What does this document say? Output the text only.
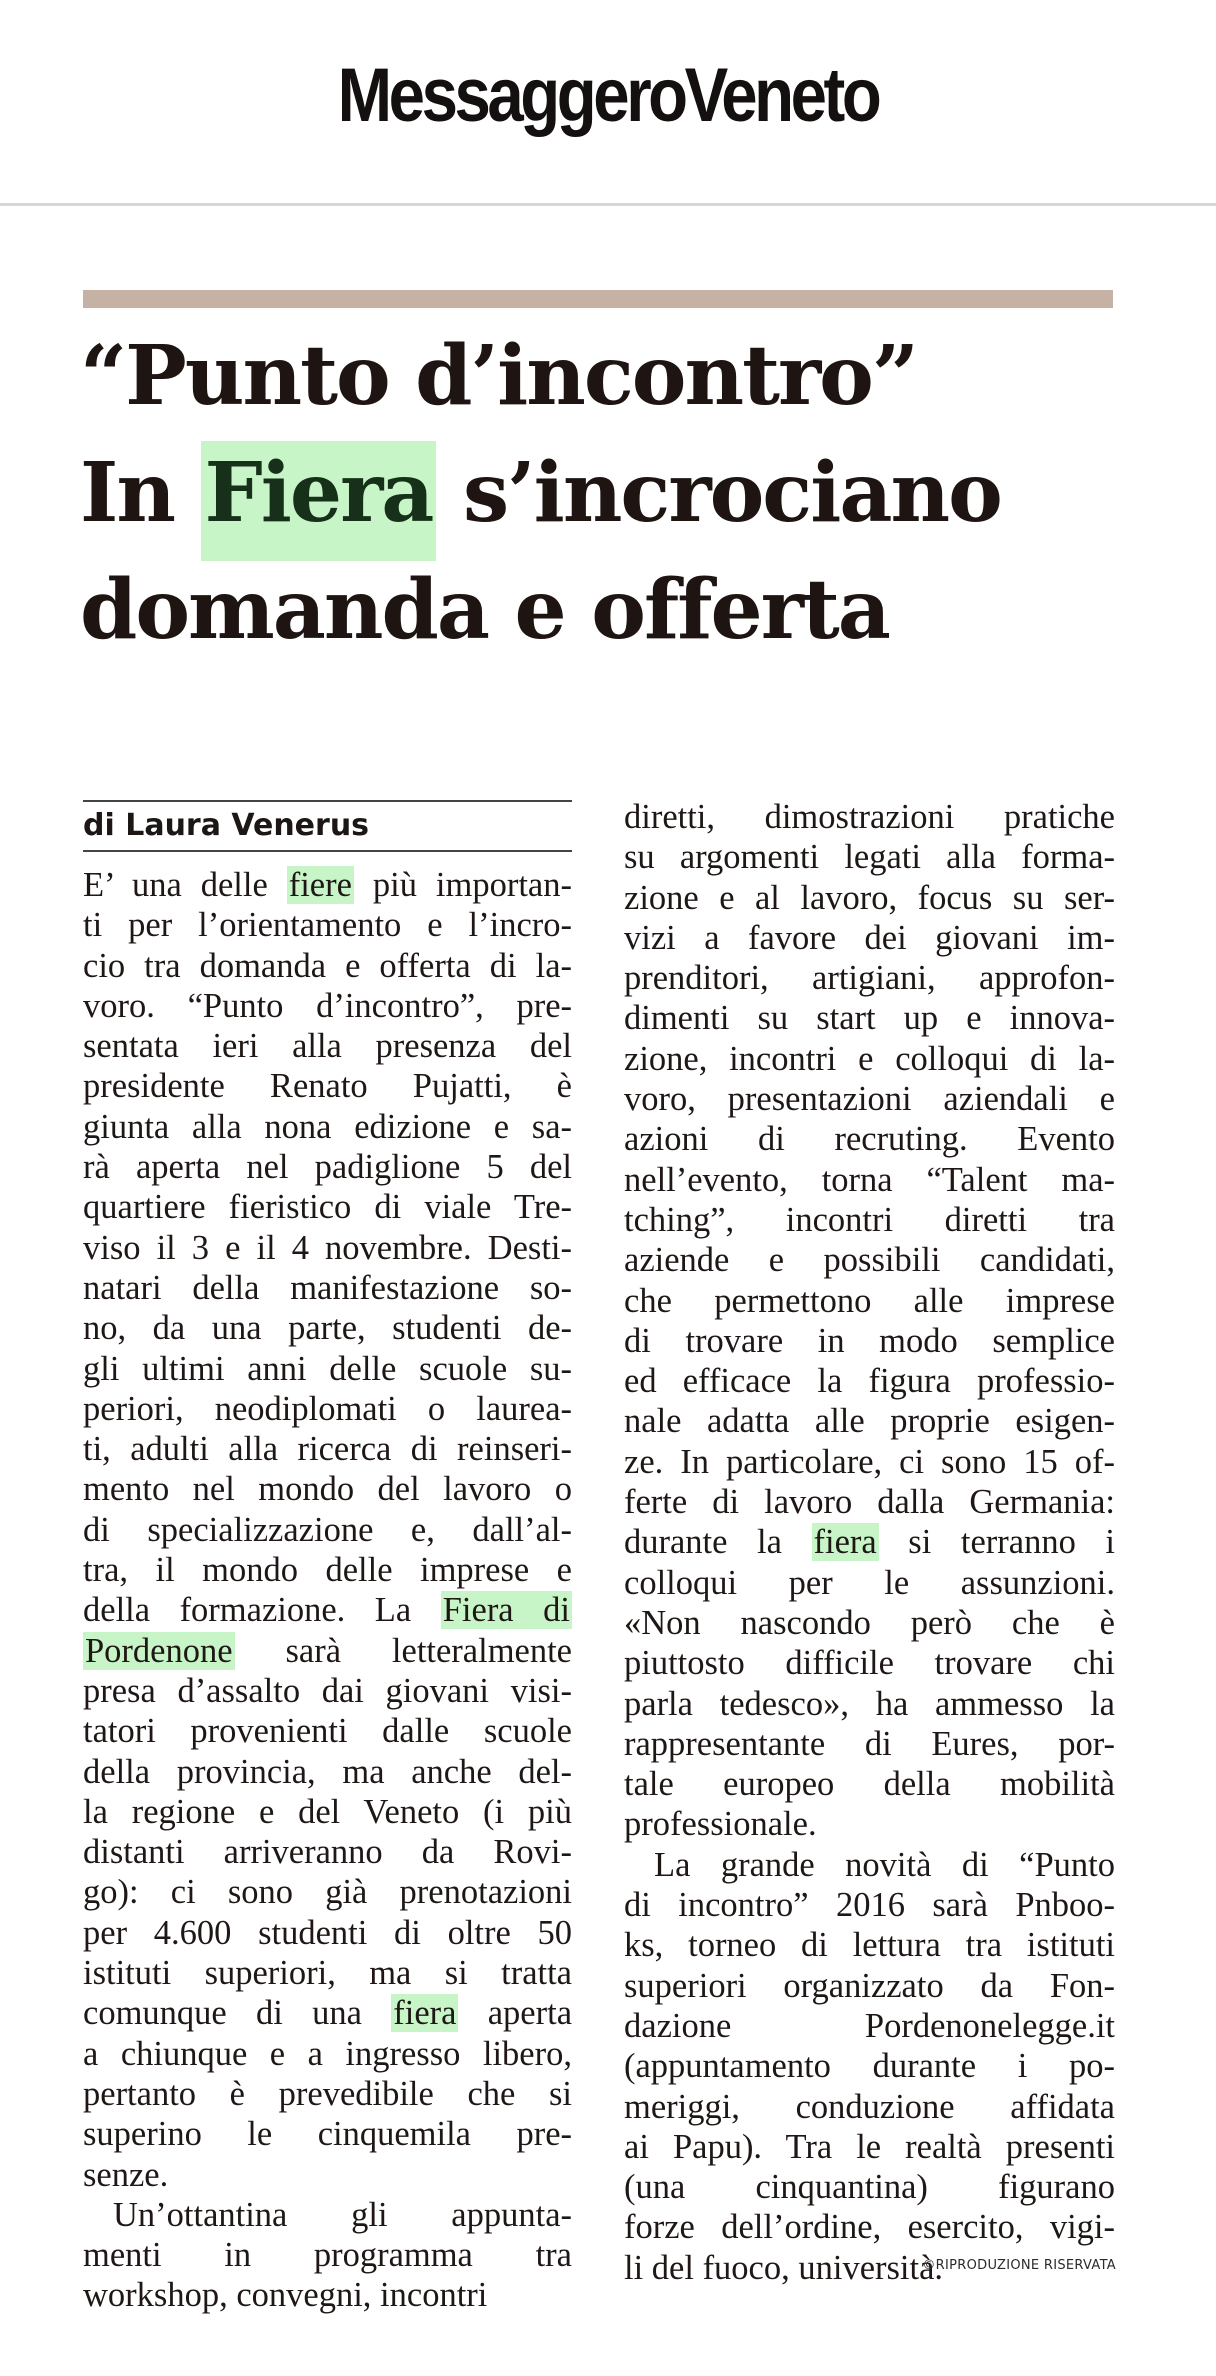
MessaggeroVeneto
“Punto d’incontro”
In Fiera s’incrociano
domanda e offerta
di Laura Venerus
E’ una delle fiere più importan-
ti per l’orientamento e l’incro-
cio tra domanda e offerta di la-
voro. “Punto d’incontro”, pre-
sentata ieri alla presenza del
presidente Renato Pujatti, è
giunta alla nona edizione e sa-
rà aperta nel padiglione 5 del
quartiere fieristico di viale Tre-
viso il 3 e il 4 novembre. Desti-
natari della manifestazione so-
no, da una parte, studenti de-
gli ultimi anni delle scuole su-
periori, neodiplomati o laurea-
ti, adulti alla ricerca di reinseri-
mento nel mondo del lavoro o
di specializzazione e, dall’al-
tra, il mondo delle imprese e
della formazione. La Fiera di
Pordenone sarà letteralmente
presa d’assalto dai giovani visi-
tatori provenienti dalle scuole
della provincia, ma anche del-
la regione e del Veneto (i più
distanti arriveranno da Rovi-
go): ci sono già prenotazioni
per 4.600 studenti di oltre 50
istituti superiori, ma si tratta
comunque di una fiera aperta
a chiunque e a ingresso libero,
pertanto è prevedibile che si
superino le cinquemila pre-
senze.
Un’ottantina gli appunta-
menti in programma tra
workshop, convegni, incontri
diretti, dimostrazioni pratiche
su argomenti legati alla forma-
zione e al lavoro, focus su ser-
vizi a favore dei giovani im-
prenditori, artigiani, approfon-
dimenti su start up e innova-
zione, incontri e colloqui di la-
voro, presentazioni aziendali e
azioni di recruting. Evento
nell’evento, torna “Talent ma-
tching”, incontri diretti tra
aziende e possibili candidati,
che permettono alle imprese
di trovare in modo semplice
ed efficace la figura professio-
nale adatta alle proprie esigen-
ze. In particolare, ci sono 15 of-
ferte di lavoro dalla Germania:
durante la fiera si terranno i
colloqui per le assunzioni.
«Non nascondo però che è
piuttosto difficile trovare chi
parla tedesco», ha ammesso la
rappresentante di Eures, por-
tale europeo della mobilità
professionale.
La grande novità di “Punto
di incontro” 2016 sarà Pnboo-
ks, torneo di lettura tra istituti
superiori organizzato da Fon-
dazione Pordenonelegge.it
(appuntamento durante i po-
meriggi, conduzione affidata
ai Papu). Tra le realtà presenti
(una cinquantina) figurano
forze dell’ordine, esercito, vigi-
li del fuoco, università.
©RIPRODUZIONE RISERVATA
